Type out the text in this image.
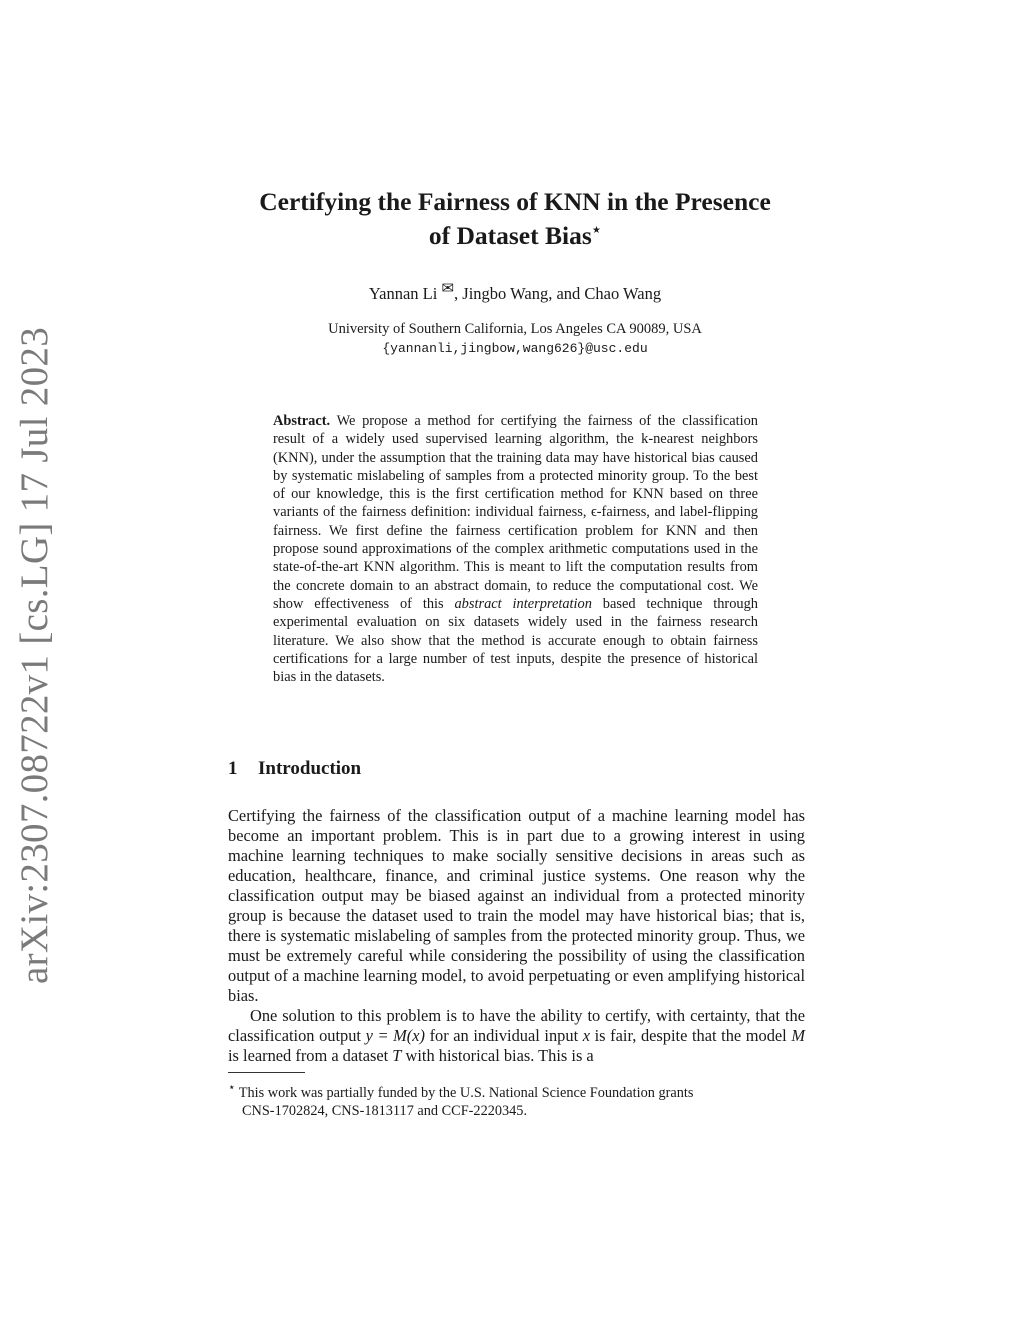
arXiv:2307.08722v1 [cs.LG] 17 Jul 2023
Certifying the Fairness of KNN in the Presence
of Dataset Bias⋆
Yannan Li ✉, Jingbo Wang, and Chao Wang
University of Southern California, Los Angeles CA 90089, USA
{yannanli,jingbow,wang626}@usc.edu
Abstract. We propose a method for certifying the fairness of the classification result of a widely used supervised learning algorithm, the k-nearest neighbors (KNN), under the assumption that the training data may have historical bias caused by systematic mislabeling of samples from a protected minority group. To the best of our knowledge, this is the first certification method for KNN based on three variants of the fairness definition: individual fairness, ϵ-fairness, and label-flipping fairness. We first define the fairness certification problem for KNN and then propose sound approximations of the complex arithmetic computations used in the state-of-the-art KNN algorithm. This is meant to lift the computation results from the concrete domain to an abstract domain, to reduce the computational cost. We show effectiveness of this abstract interpretation based technique through experimental evaluation on six datasets widely used in the fairness research literature. We also show that the method is accurate enough to obtain fairness certifications for a large number of test inputs, despite the presence of historical bias in the datasets.
1 Introduction
Certifying the fairness of the classification output of a machine learning model has become an important problem. This is in part due to a growing interest in using machine learning techniques to make socially sensitive decisions in areas such as education, healthcare, finance, and criminal justice systems. One reason why the classification output may be biased against an individual from a protected minority group is because the dataset used to train the model may have historical bias; that is, there is systematic mislabeling of samples from the protected minority group. Thus, we must be extremely careful while considering the possibility of using the classification output of a machine learning model, to avoid perpetuating or even amplifying historical bias.
One solution to this problem is to have the ability to certify, with certainty, that the classification output y = M(x) for an individual input x is fair, despite that the model M is learned from a dataset T with historical bias. This is a
⋆ This work was partially funded by the U.S. National Science Foundation grants
CNS-1702824, CNS-1813117 and CCF-2220345.
